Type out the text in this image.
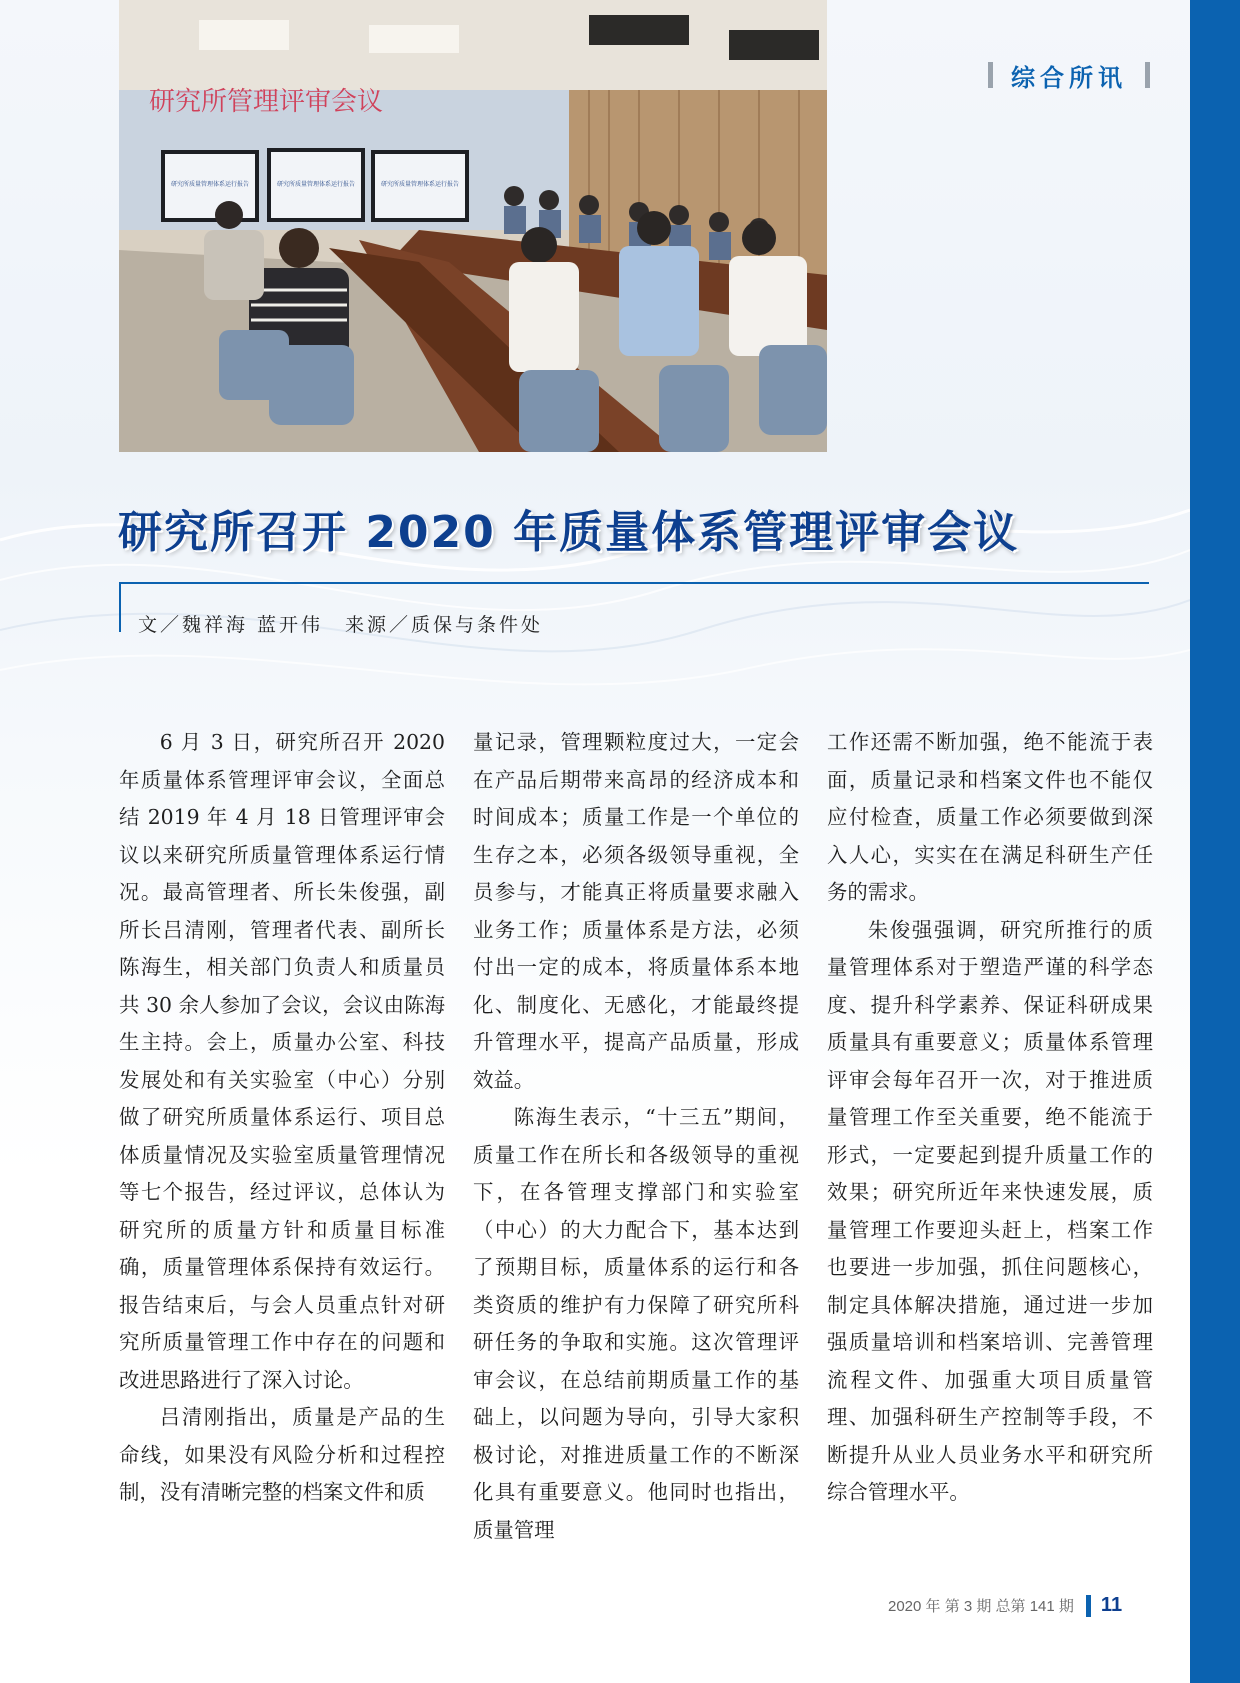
研究所管理评审会议
研究所质量管理体系运行报告	研究所质量管理体系运行报告	研究所质量管理体系运行报告
综合所讯
研究所召开 2020 年质量体系管理评审会议
文／魏祥海 蓝开伟　来源／质保与条件处

6 月 3 日，研究所召开 2020 年质量体系管理评审会议，全面总结 2019 年 4 月 18 日管理评审会议以来研究所质量管理体系运行情况。最高管理者、所长朱俊强，副所长吕清刚，管理者代表、副所长陈海生，相关部门负责人和质量员共 30 余人参加了会议，会议由陈海生主持。会上，质量办公室、科技发展处和有关实验室（中心）分别做了研究所质量体系运行、项目总体质量情况及实验室质量管理情况等七个报告，经过评议，总体认为研究所的质量方针和质量目标准确，质量管理体系保持有效运行。报告结束后，与会人员重点针对研究所质量管理工作中存在的问题和改进思路进行了深入讨论。

吕清刚指出，质量是产品的生命线，如果没有风险分析和过程控制，没有清晰完整的档案文件和质

量记录，管理颗粒度过大，一定会在产品后期带来高昂的经济成本和时间成本；质量工作是一个单位的生存之本，必须各级领导重视，全员参与，才能真正将质量要求融入业务工作；质量体系是方法，必须付出一定的成本，将质量体系本地化、制度化、无感化，才能最终提升管理水平，提高产品质量，形成效益。

陈海生表示，“十三五”期间，质量工作在所长和各级领导的重视下，在各管理支撑部门和实验室（中心）的大力配合下，基本达到了预期目标，质量体系的运行和各类资质的维护有力保障了研究所科研任务的争取和实施。这次管理评审会议，在总结前期质量工作的基础上，以问题为导向，引导大家积极讨论，对推进质量工作的不断深化具有重要意义。他同时也指出，质量管理

工作还需不断加强，绝不能流于表面，质量记录和档案文件也不能仅应付检查，质量工作必须要做到深入人心，实实在在满足科研生产任务的需求。

朱俊强强调，研究所推行的质量管理体系对于塑造严谨的科学态度、提升科学素养、保证科研成果质量具有重要意义；质量体系管理评审会每年召开一次，对于推进质量管理工作至关重要，绝不能流于形式，一定要起到提升质量工作的效果；研究所近年来快速发展，质量管理工作要迎头赶上，档案工作也要进一步加强，抓住问题核心，制定具体解决措施，通过进一步加强质量培训和档案培训、完善管理流程文件、加强重大项目质量管理、加强科研生产控制等手段，不断提升从业人员业务水平和研究所综合管理水平。

2020 年 第 3 期 总第 141 期 11
